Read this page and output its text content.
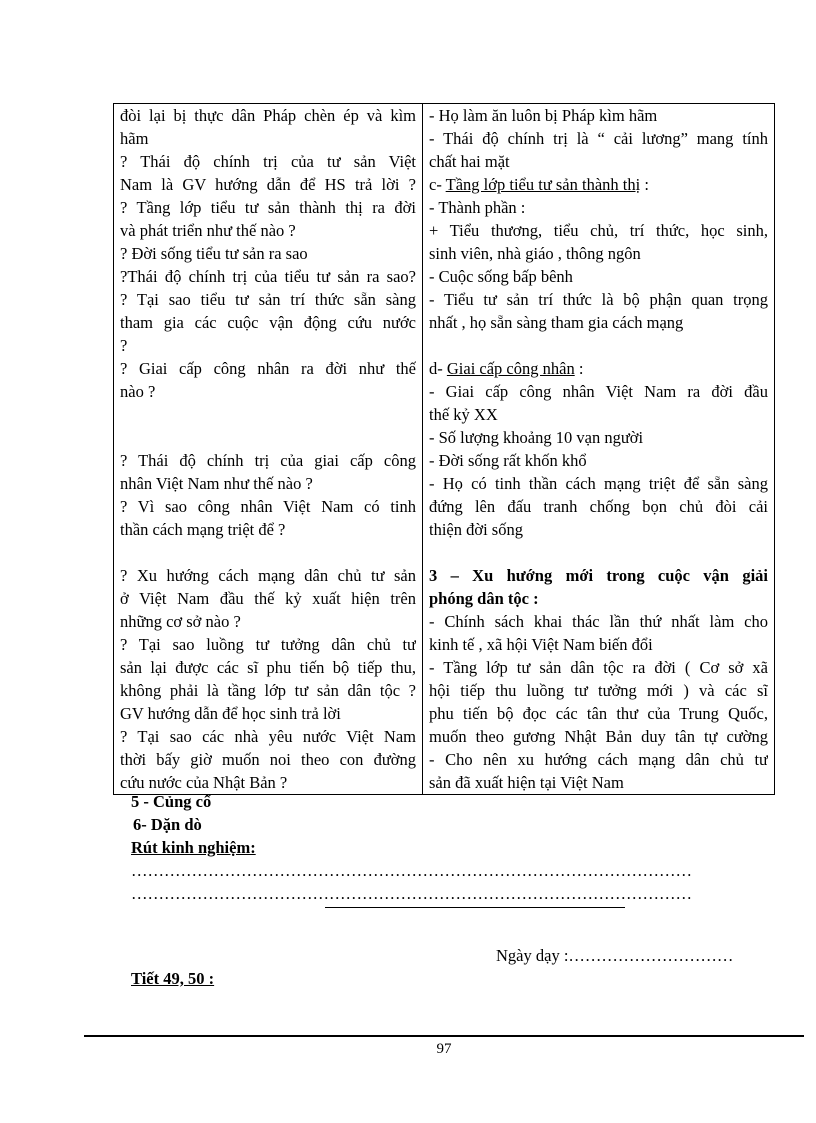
đòi lại bị thực dân Pháp chèn ép và kìm
hãm
? Thái độ chính trị của tư sản Việt
Nam là GV hướng dẫn để HS trả lời ?
? Tầng lớp tiểu tư sản thành thị ra đời
và phát triển như thế nào ?
? Đời sống tiểu tư sản ra sao
?Thái độ chính trị của tiểu tư sản ra sao?
? Tại sao tiểu tư sản trí thức sẵn sàng
tham gia các cuộc vận động cứu nước
?
? Giai cấp công nhân ra đời như thế
nào ?
? Thái độ chính trị của giai cấp công
nhân Việt Nam như thế nào ?
? Vì sao công nhân Việt Nam có tinh
thần cách mạng triệt để ?
? Xu hướng cách mạng dân chủ tư sản
ở Việt Nam đầu thế kỷ xuất hiện trên
những cơ sở nào ?
? Tại sao luồng tư tưởng dân chủ tư
sản lại được các sĩ phu tiến bộ tiếp thu,
không phải là tầng lớp tư sản dân tộc ?
GV hướng dẫn để học sinh trả lời
? Tại sao các nhà yêu nước Việt Nam
thời bấy giờ muốn noi theo con đường
cứu nước của Nhật Bản ?

- Họ làm ăn luôn bị Pháp kìm hãm
- Thái độ chính trị là “ cải lương” mang tính
chất hai mặt
c- Tầng lớp tiểu tư sản thành thị :
- Thành phần :
+ Tiểu thương, tiểu chủ, trí thức, học sinh,
sinh viên, nhà giáo , thông ngôn
- Cuộc sống bấp bênh
- Tiểu tư sản trí thức là bộ phận quan trọng
nhất , họ sẵn sàng tham gia cách mạng
d- Giai cấp công nhân :
- Giai cấp công nhân Việt Nam ra đời đầu
thế kỷ XX
- Số lượng khoảng 10 vạn người
- Đời sống rất khốn khổ
- Họ có tinh thần cách mạng triệt để sẵn sàng
đứng lên đấu tranh chống bọn chủ đòi cải
thiện đời sống
3 – Xu hướng mới trong cuộc vận giải
phóng dân tộc :
- Chính sách khai thác lần thứ nhất làm cho
kinh tế , xã hội Việt Nam biến đổi
- Tầng lớp tư sản dân tộc ra đời ( Cơ sở xã
hội tiếp thu luồng tư tưởng mới ) và các sĩ
phu tiến bộ đọc các tân thư của Trung Quốc,
muốn theo gương Nhật Bản duy tân tự cường
- Cho nên xu hướng cách mạng dân chủ tư
sản đã xuất hiện tại Việt Nam
5 - Củng cố
6- Dặn dò
Rút kinh nghiệm:
…………………………………………………………………………………………
…………………………………………………………………………………………
Ngày dạy :…………………………
Tiết 49, 50 :
97
